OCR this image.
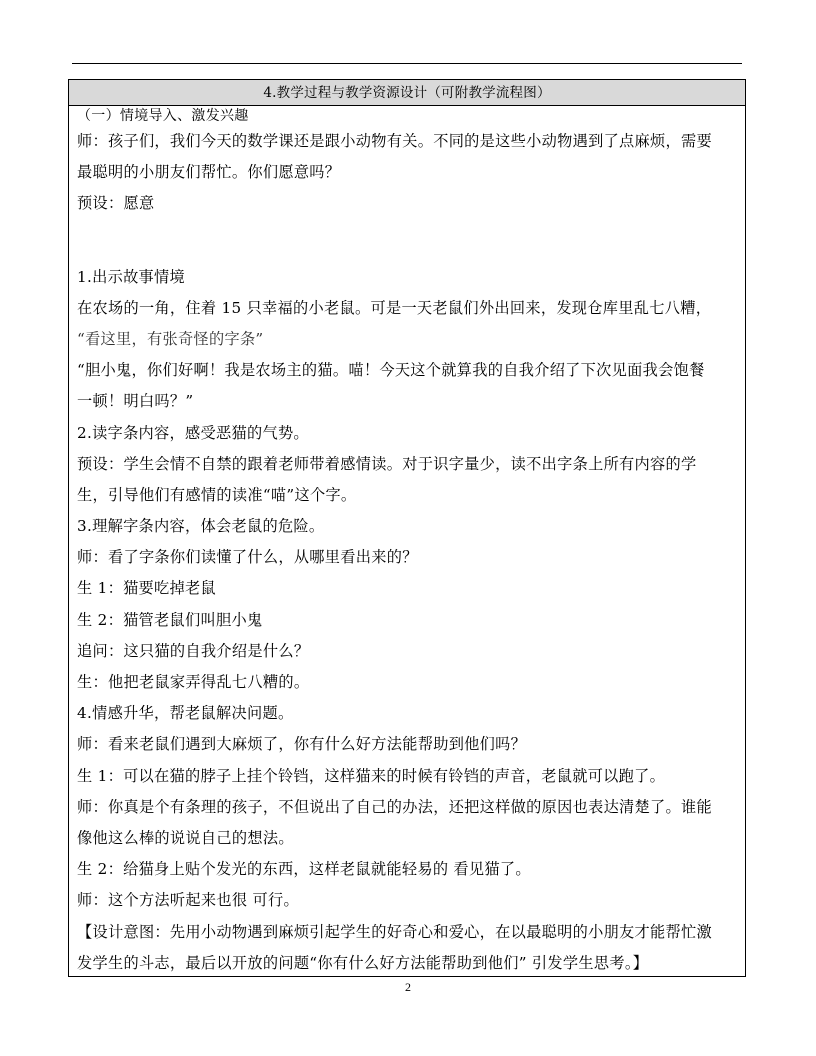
4.教学过程与教学资源设计（可附教学流程图）
（一）情境导入、激发兴趣
师：孩子们，我们今天的数学课还是跟小动物有关。不同的是这些小动物遇到了点麻烦，需要
最聪明的小朋友们帮忙。你们愿意吗？
预设：愿意
1.出示故事情境
在农场的一角，住着 15 只幸福的小老鼠。可是一天老鼠们外出回来，发现仓库里乱七八糟，
“看这里，有张奇怪的字条”
“胆小鬼，你们好啊！我是农场主的猫。喵！今天这个就算我的自我介绍了下次见面我会饱餐
一顿！明白吗？”
2.读字条内容，感受恶猫的气势。
预设：学生会情不自禁的跟着老师带着感情读。对于识字量少，读不出字条上所有内容的学
生，引导他们有感情的读准“喵”这个字。
3.理解字条内容，体会老鼠的危险。
师：看了字条你们读懂了什么，从哪里看出来的？
生 1：猫要吃掉老鼠
生 2：猫管老鼠们叫胆小鬼
追问：这只猫的自我介绍是什么？
生：他把老鼠家弄得乱七八糟的。
4.情感升华，帮老鼠解决问题。
师：看来老鼠们遇到大麻烦了，你有什么好方法能帮助到他们吗？
生 1：可以在猫的脖子上挂个铃铛，这样猫来的时候有铃铛的声音，老鼠就可以跑了。
师：你真是个有条理的孩子，不但说出了自己的办法，还把这样做的原因也表达清楚了。谁能
像他这么棒的说说自己的想法。
生 2：给猫身上贴个发光的东西，这样老鼠就能轻易的 看见猫了。
师：这个方法听起来也很 可行。
【设计意图：先用小动物遇到麻烦引起学生的好奇心和爱心，在以最聪明的小朋友才能帮忙激
发学生的斗志，最后以开放的问题“你有什么好方法能帮助到他们” 引发学生思考。】
2
